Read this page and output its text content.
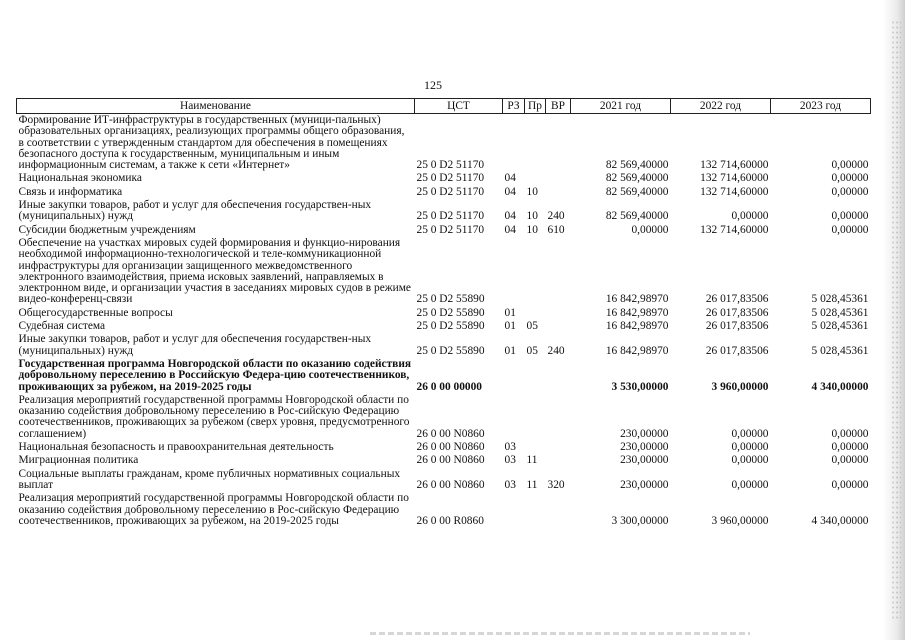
125
Наименование	ЦСТ	РЗ	Пр	ВР	2021 год	2022 год	2023 год
Формирование ИТ-инфраструктуры в государственных (муници-пальных) образовательных организациях, реализующих программы общего образования, в соответствии с утвержденным стандартом для обеспечения в помещениях безопасного доступа к государственным, муниципальным и иным информационным системам, а также к сети «Интернет»	25 0 D2 51170				82 569,40000	132 714,60000	0,00000
Национальная экономика	25 0 D2 51170	04			82 569,40000	132 714,60000	0,00000
Связь и информатика	25 0 D2 51170	04	10		82 569,40000	132 714,60000	0,00000
Иные закупки товаров, работ и услуг для обеспечения государствен-ных (муниципальных) нужд	25 0 D2 51170	04	10	240	82 569,40000	0,00000	0,00000
Субсидии бюджетным учреждениям	25 0 D2 51170	04	10	610	0,00000	132 714,60000	0,00000
Обеспечение на участках мировых судей формирования и функцио-нирования необходимой информационно-технологической и теле-коммуникационной инфраструктуры для организации защищенного межведомственного электронного взаимодействия, приема исковых заявлений, направляемых в электронном виде, и организации участия в заседаниях мировых судов в режиме видео-конференц-связи	25 0 D2 55890				16 842,98970	26 017,83506	5 028,45361
Общегосударственные вопросы	25 0 D2 55890	01			16 842,98970	26 017,83506	5 028,45361
Судебная система	25 0 D2 55890	01	05		16 842,98970	26 017,83506	5 028,45361
Иные закупки товаров, работ и услуг для обеспечения государствен-ных (муниципальных) нужд	25 0 D2 55890	01	05	240	16 842,98970	26 017,83506	5 028,45361
Государственная программа Новгородской области по оказанию содействия добровольному переселению в Российскую Федера-цию соотечественников, проживающих за рубежом, на 2019-2025 годы	26 0 00 00000				3 530,00000	3 960,00000	4 340,00000
Реализация мероприятий государственной программы Новгородской области по оказанию содействия добровольному переселению в Рос-сийскую Федерацию соотечественников, проживающих за рубежом (сверх уровня, предусмотренного соглашением)	26 0 00 N0860				230,00000	0,00000	0,00000
Национальная безопасность и правоохранительная деятельность	26 0 00 N0860	03			230,00000	0,00000	0,00000
Миграционная политика	26 0 00 N0860	03	11		230,00000	0,00000	0,00000
Социальные выплаты гражданам, кроме публичных нормативных социальных выплат	26 0 00 N0860	03	11	320	230,00000	0,00000	0,00000
Реализация мероприятий государственной программы Новгородской области по оказанию содействия добровольному переселению в Рос-сийскую Федерацию соотечественников, проживающих за рубежом, на 2019-2025 годы	26 0 00 R0860				3 300,00000	3 960,00000	4 340,00000
